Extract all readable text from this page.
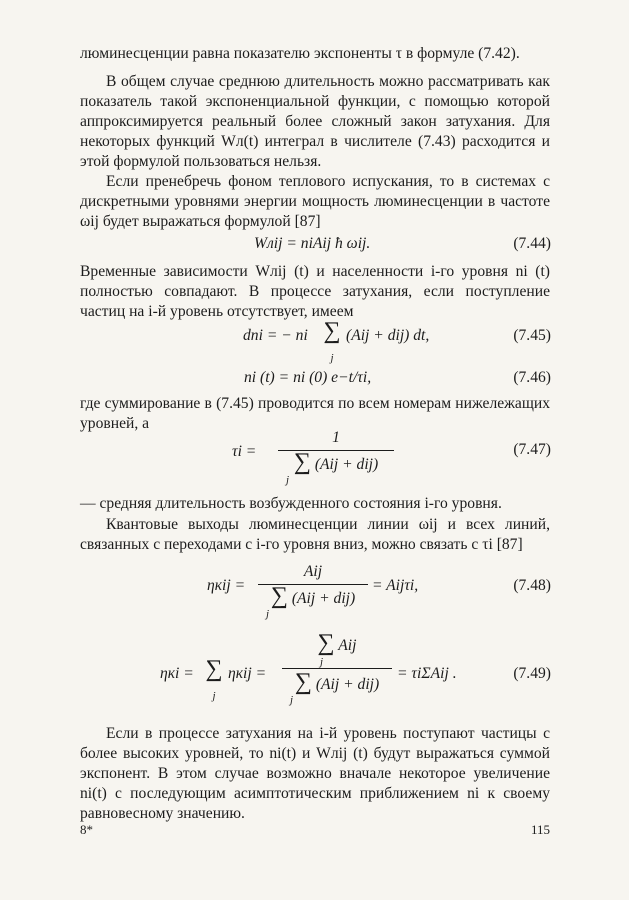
люминесценции равна показателю экспоненты τ в формуле (7.42).

В общем случае среднюю длительность можно рассматривать как показатель такой экспоненциальной функции, с помощью которой аппроксимируется реальный более сложный закон затухания. Для некоторых функций Wл(t) интеграл в числителе (7.43) расходится и этой формулой пользоваться нельзя.

Если пренебречь фоном теплового испускания, то в системах с дискретными уровнями энергии мощность люминесценции в частоте ωij будет выражаться формулой [87]

Wлij = niAij ħ ωij.	(7.44)

Временные зависимости Wлij (t) и населенности i-го уровня ni (t) полностью совпадают. В процессе затухания, если поступление частиц на i-й уровень отсутствует, имеем

dni = − ni ∑
$_j$
(Aij + dij) dt,	(7.45)
ni (t) = ni (0) e−t/τi,	(7.46)

где суммирование в (7.45) проводится по всем номерам нижележащих уровней, а

τi =
1
∑ (Aij + dij)
j
(7.47)

— средняя длительность возбужденного состояния i-го уровня.

Квантовые выходы люминесценции линии ωij и всех линий, связанных с переходами с i-го уровня вниз, можно связать с τi [87]

ηкij =
Aij
∑ (Aij + dij)
j
= Aijτi,	(7.48)
ηкi = ∑
$_j$
ηкij =
∑ Aij
j
∑ (Aij + dij)
j
= τiΣAij .	(7.49)

Если в процессе затухания на i-й уровень поступают частицы с более высоких уровней, то ni(t) и Wлij (t) будут выражаться суммой экспонент. В этом случае возможно вначале некоторое увеличение ni(t) с последующим асимптотическим приближением ni к своему равновесному значению.

8*	115
